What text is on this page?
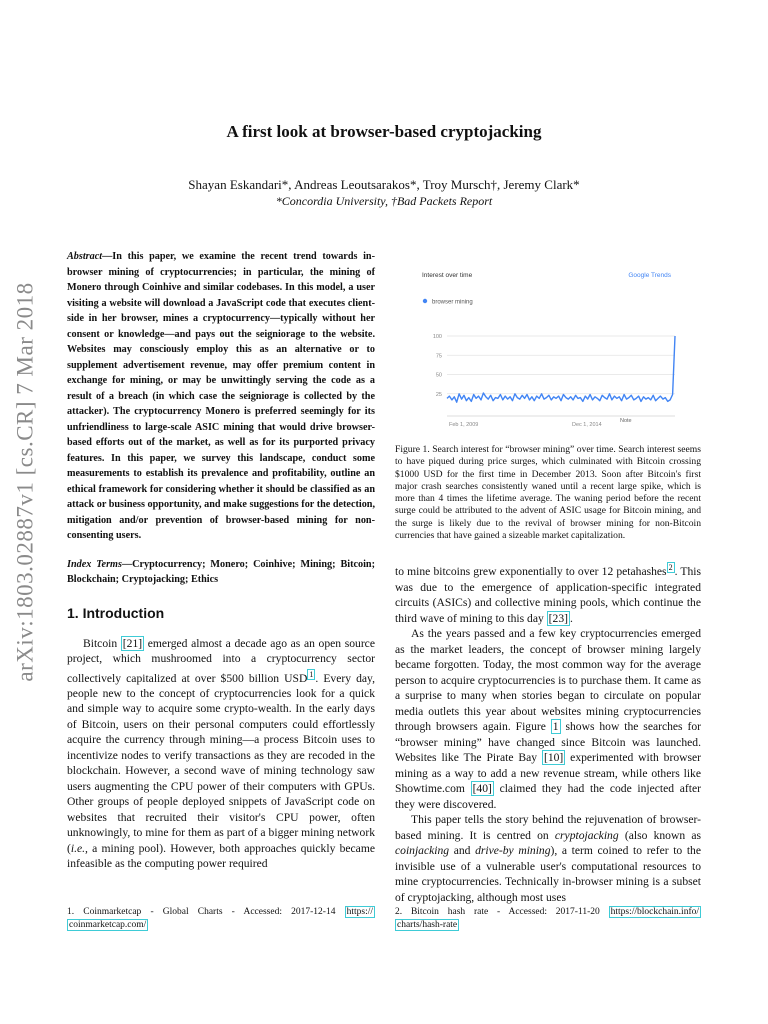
arXiv:1803.02887v1 [cs.CR] 7 Mar 2018
A first look at browser-based cryptojacking
Shayan Eskandari*, Andreas Leoutsarakos*, Troy Mursch†, Jeremy Clark*
*Concordia University, †Bad Packets Report
Abstract—In this paper, we examine the recent trend towards in-browser mining of cryptocurrencies; in particular, the mining of Monero through Coinhive and similar codebases. In this model, a user visiting a website will download a JavaScript code that executes client-side in her browser, mines a cryptocurrency—typically without her consent or knowledge—and pays out the seigniorage to the website. Websites may consciously employ this as an alternative or to supplement advertisement revenue, may offer premium content in exchange for mining, or may be unwittingly serving the code as a result of a breach (in which case the seigniorage is collected by the attacker). The cryptocurrency Monero is preferred seemingly for its unfriendliness to large-scale ASIC mining that would drive browser-based efforts out of the market, as well as for its purported privacy features. In this paper, we survey this landscape, conduct some measurements to establish its prevalence and profitability, outline an ethical framework for considering whether it should be classified as an attack or business opportunity, and make suggestions for the detection, mitigation and/or prevention of browser-based mining for non-consenting users.
Index Terms—Cryptocurrency; Monero; Coinhive; Mining; Bitcoin; Blockchain; Cryptojacking; Ethics
1. Introduction

Bitcoin [21] emerged almost a decade ago as an open source project, which mushroomed into a cryptocurrency sector collectively capitalized at over $500 billion USD $^1$ . Every day, people new to the concept of cryptocurrencies look for a quick and simple way to acquire some crypto-wealth. In the early days of Bitcoin, users on their personal computers could effortlessly acquire the currency through mining—a process Bitcoin uses to incentivize nodes to verify transactions as they are recoded in the blockchain. However, a second wave of mining technology saw users augmenting the CPU power of their computers with GPUs. Other groups of people deployed snippets of JavaScript code on websites that recruited their visitor's CPU power, often unknowingly, to mine for them as part of a bigger mining network (i.e., a mining pool). However, both approaches quickly became infeasible as the computing power required

1. Coinmarketcap - Global Charts - Accessed: 2017-12-14 https:// coinmarketcap.com/
Interest over time	Google Trends
browser mining
25
50
75
100
Feb 1, 2009	Dec 1, 2014
Note
Figure 1. Search interest for “browser mining” over time. Search interest seems to have piqued during price surges, which culminated with Bitcoin crossing $1000 USD for the first time in December 2013. Soon after Bitcoin's first major crash searches consistently waned until a recent large spike, which is more than 4 times the lifetime average. The waning period before the recent surge could be attributed to the advent of ASIC usage for Bitcoin mining, and the surge is likely due to the revival of browser mining for non-Bitcoin currencies that have gained a sizeable market capitalization.

to mine bitcoins grew exponentially to over 12 petahashes $^2$ . This was due to the emergence of application-specific integrated circuits (ASICs) and collective mining pools, which continue the third wave of mining to this day [23] .

As the years passed and a few key cryptocurrencies emerged as the market leaders, the concept of browser mining largely became forgotten. Today, the most common way for the average person to acquire cryptocurrencies is to purchase them. It came as a surprise to many when stories began to circulate on popular media outlets this year about websites mining cryptocurrencies through browsers again. Figure 1 shows how the searches for “browser mining” have changed since Bitcoin was launched. Websites like The Pirate Bay [10] experimented with browser mining as a way to add a new revenue stream, while others like Showtime.com [40] claimed they had the code injected after they were discovered.

This paper tells the story behind the rejuvenation of browser-based mining. It is centred on cryptojacking (also known as coinjacking and drive-by mining), a term coined to refer to the invisible use of a vulnerable user's computational resources to mine cryptocurrencies. Technically in-browser mining is a subset of cryptojacking, although most uses

2. Bitcoin hash rate - Accessed: 2017-11-20 https://blockchain.info/ charts/hash-rate
